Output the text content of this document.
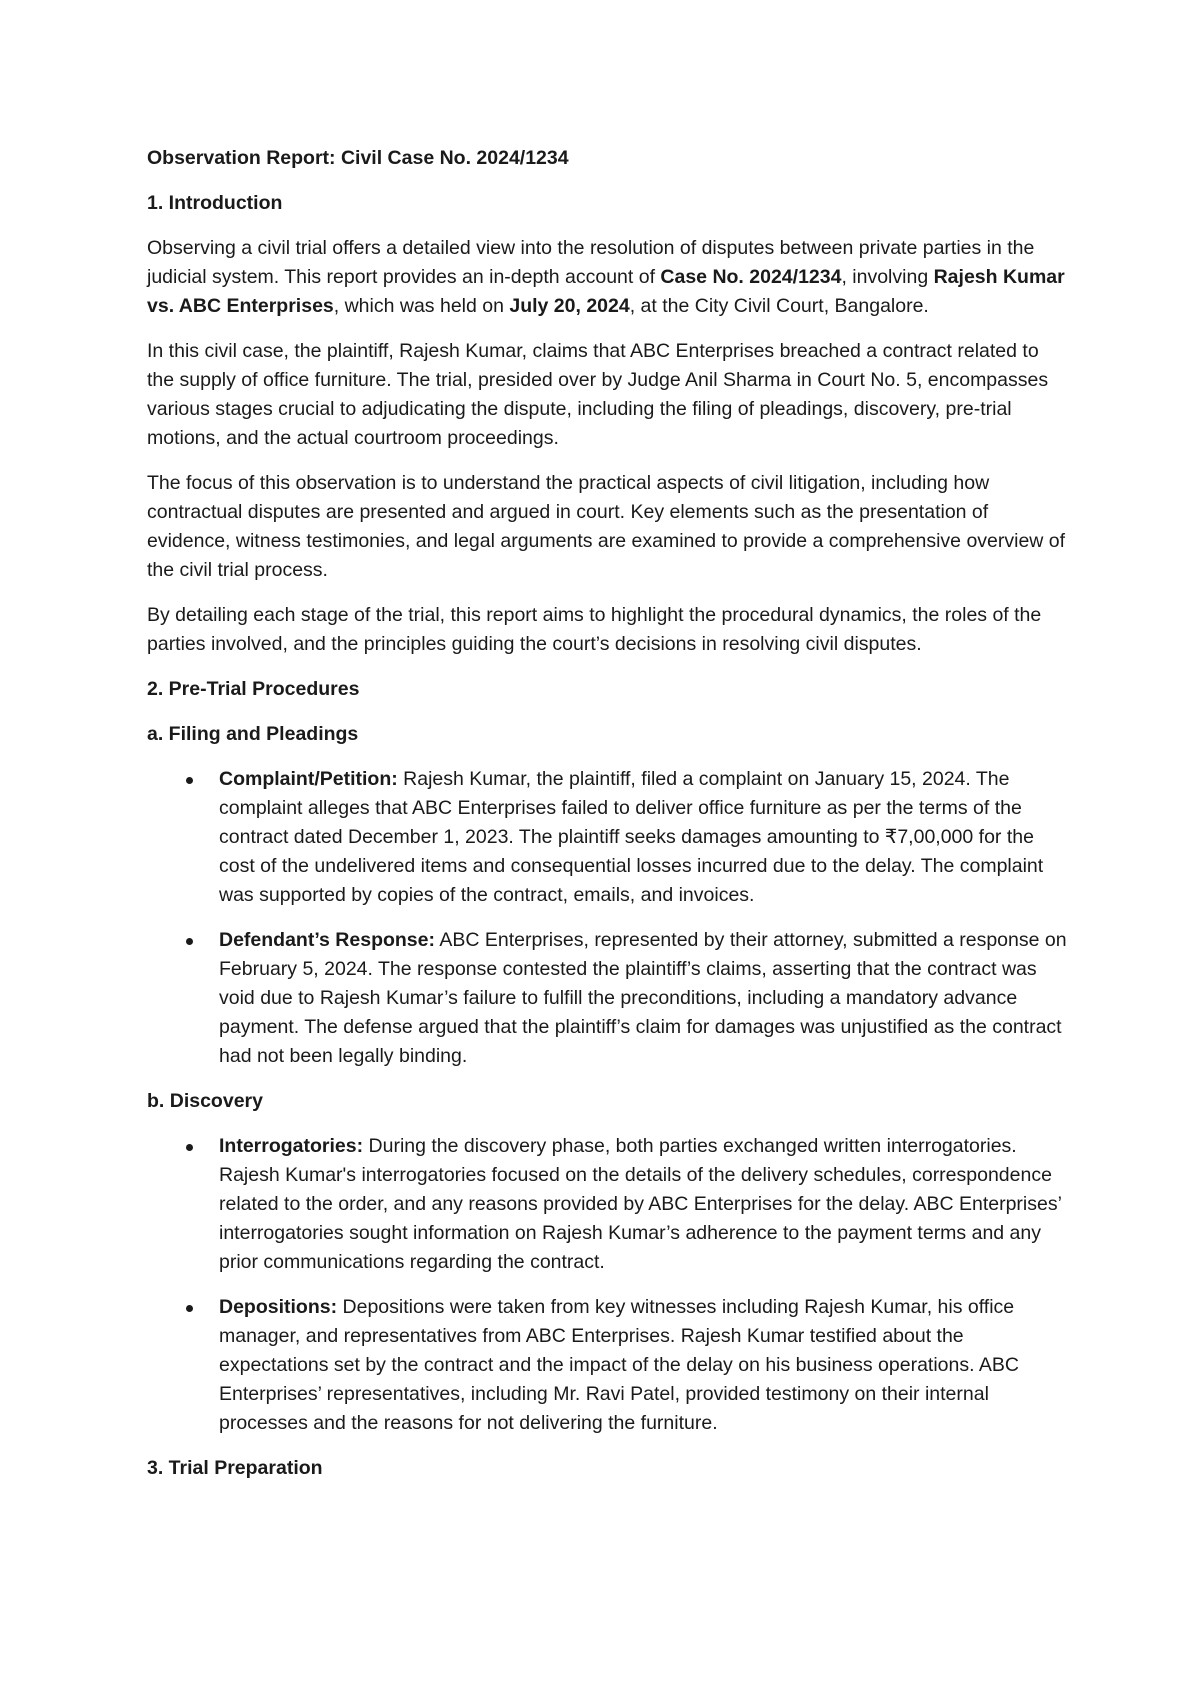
Observation Report: Civil Case No. 2024/1234
1. Introduction

Observing a civil trial offers a detailed view into the resolution of disputes between private parties in the judicial system. This report provides an in-depth account of Case No. 2024/1234, involving Rajesh Kumar vs. ABC Enterprises, which was held on July 20, 2024, at the City Civil Court, Bangalore.

In this civil case, the plaintiff, Rajesh Kumar, claims that ABC Enterprises breached a contract related to the supply of office furniture. The trial, presided over by Judge Anil Sharma in Court No. 5, encompasses various stages crucial to adjudicating the dispute, including the filing of pleadings, discovery, pre-trial motions, and the actual courtroom proceedings.

The focus of this observation is to understand the practical aspects of civil litigation, including how contractual disputes are presented and argued in court. Key elements such as the presentation of evidence, witness testimonies, and legal arguments are examined to provide a comprehensive overview of the civil trial process.

By detailing each stage of the trial, this report aims to highlight the procedural dynamics, the roles of the parties involved, and the principles guiding the court’s decisions in resolving civil disputes.

2. Pre-Trial Procedures
a. Filing and Pleadings
Complaint/Petition: Rajesh Kumar, the plaintiff, filed a complaint on January 15, 2024. The complaint alleges that ABC Enterprises failed to deliver office furniture as per the terms of the contract dated December 1, 2023. The plaintiff seeks damages amounting to ₹7,00,000 for the cost of the undelivered items and consequential losses incurred due to the delay. The complaint was supported by copies of the contract, emails, and invoices.
Defendant’s Response: ABC Enterprises, represented by their attorney, submitted a response on February 5, 2024. The response contested the plaintiff’s claims, asserting that the contract was void due to Rajesh Kumar’s failure to fulfill the preconditions, including a mandatory advance payment. The defense argued that the plaintiff’s claim for damages was unjustified as the contract had not been legally binding.
b. Discovery
Interrogatories: During the discovery phase, both parties exchanged written interrogatories. Rajesh Kumar's interrogatories focused on the details of the delivery schedules, correspondence related to the order, and any reasons provided by ABC Enterprises for the delay. ABC Enterprises’ interrogatories sought information on Rajesh Kumar’s adherence to the payment terms and any prior communications regarding the contract.
Depositions: Depositions were taken from key witnesses including Rajesh Kumar, his office manager, and representatives from ABC Enterprises. Rajesh Kumar testified about the expectations set by the contract and the impact of the delay on his business operations. ABC Enterprises’ representatives, including Mr. Ravi Patel, provided testimony on their internal processes and the reasons for not delivering the furniture.
3. Trial Preparation
